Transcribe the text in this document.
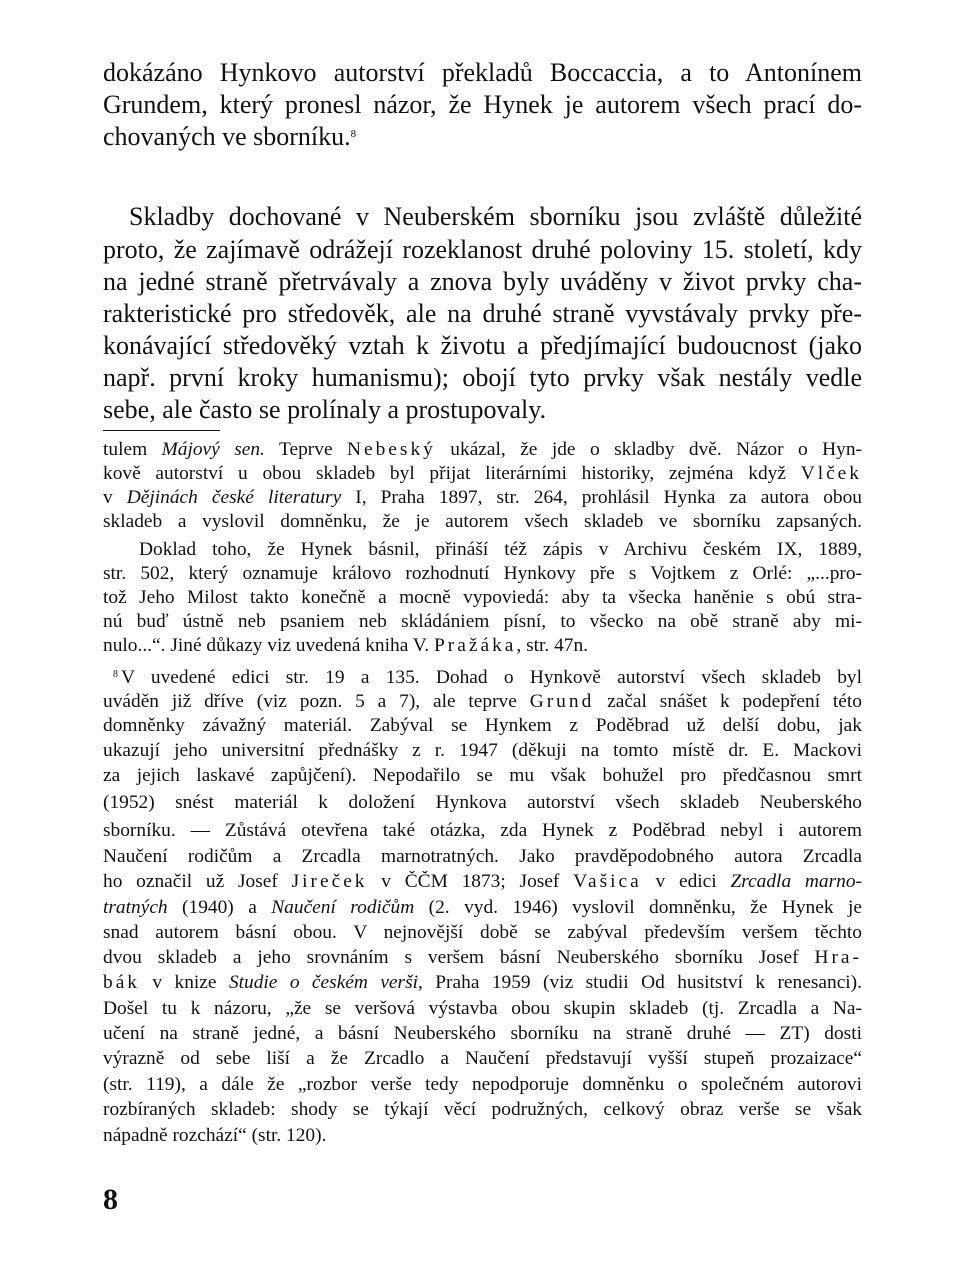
dokázáno Hynkovo autorství překladů Boccaccia, a to Antonínem
Grundem, který pronesl názor, že Hynek je autorem všech prací do-
chovaných ve sborníku.$^8$
Skladby dochované v Neuberském sborníku jsou zvláště důležité
proto, že zajímavě odrážejí rozeklanost druhé poloviny 15. století, kdy
na jedné straně přetrvávaly a znova byly uváděny v život prvky cha-
rakteristické pro středověk, ale na druhé straně vyvstávaly prvky pře-
konávající středověký vztah k životu a předjímající budoucnost (jako
např. první kroky humanismu); obojí tyto prvky však nestály vedle
sebe, ale často se prolínaly a prostupovaly.
tulem Májový sen. Teprve Nebeský ukázal, že jde o skladby dvě. Názor o Hyn-
kově autorství u obou skladeb byl přijat literárními historiky, zejména když Vlček
v Dějinách české literatury I, Praha 1897, str. 264, prohlásil Hynka za autora obou
skladeb a vyslovil domněnku, že je autorem všech skladeb ve sborníku zapsaných.
Doklad toho, že Hynek básnil, přináší též zápis v Archivu českém IX, 1889,
str. 502, který oznamuje královo rozhodnutí Hynkovy pře s Vojtkem z Orlé: „...pro-
tož Jeho Milost takto konečně a mocně vypoviedá: aby ta všecka haněnie s obú stra-
nú buď ústně neb psaniem neb skládániem písní, to všecko na obě straně aby mi-
nulo...“. Jiné důkazy viz uvedená kniha V. Pražáka, str. 47n.
$^8$ V uvedené edici str. 19 a 135. Dohad o Hynkově autorství všech skladeb byl
uváděn již dříve (viz pozn. 5 a 7), ale teprve Grund začal snášet k podepření této
domněnky závažný materiál. Zabýval se Hynkem z Poděbrad už delší dobu, jak
ukazují jeho universitní přednášky z r. 1947 (děkuji na tomto místě dr. E. Mackovi
za jejich laskavé zapůjčení). Nepodařilo se mu však bohužel pro předčasnou smrt
(1952) snést materiál k doložení Hynkova autorství všech skladeb Neuberského
sborníku. — Zůstává otevřena také otázka, zda Hynek z Poděbrad nebyl i autorem
Naučení rodičům a Zrcadla marnotratných. Jako pravděpodobného autora Zrcadla
ho označil už Josef Jireček v ČČM 1873; Josef Vašica v edici Zrcadla marno-
tratných (1940) a Naučení rodičům (2. vyd. 1946) vyslovil domněnku, že Hynek je
snad autorem básní obou. V nejnovější době se zabýval především veršem těchto
dvou skladeb a jeho srovnáním s veršem básní Neuberského sborníku Josef Hra-
bák v knize Studie o českém verši, Praha 1959 (viz studii Od husitství k renesanci).
Došel tu k názoru, „že se veršová výstavba obou skupin skladeb (tj. Zrcadla a Na-
učení na straně jedné, a básní Neuberského sborníku na straně druhé — ZT) dosti
výrazně od sebe liší a že Zrcadlo a Naučení představují vyšší stupeň prozaizace“
(str. 119), a dále že „rozbor verše tedy nepodporuje domněnku o společném autorovi
rozbíraných skladeb: shody se týkají věcí podružných, celkový obraz verše se však
nápadně rozchází“ (str. 120).
8
